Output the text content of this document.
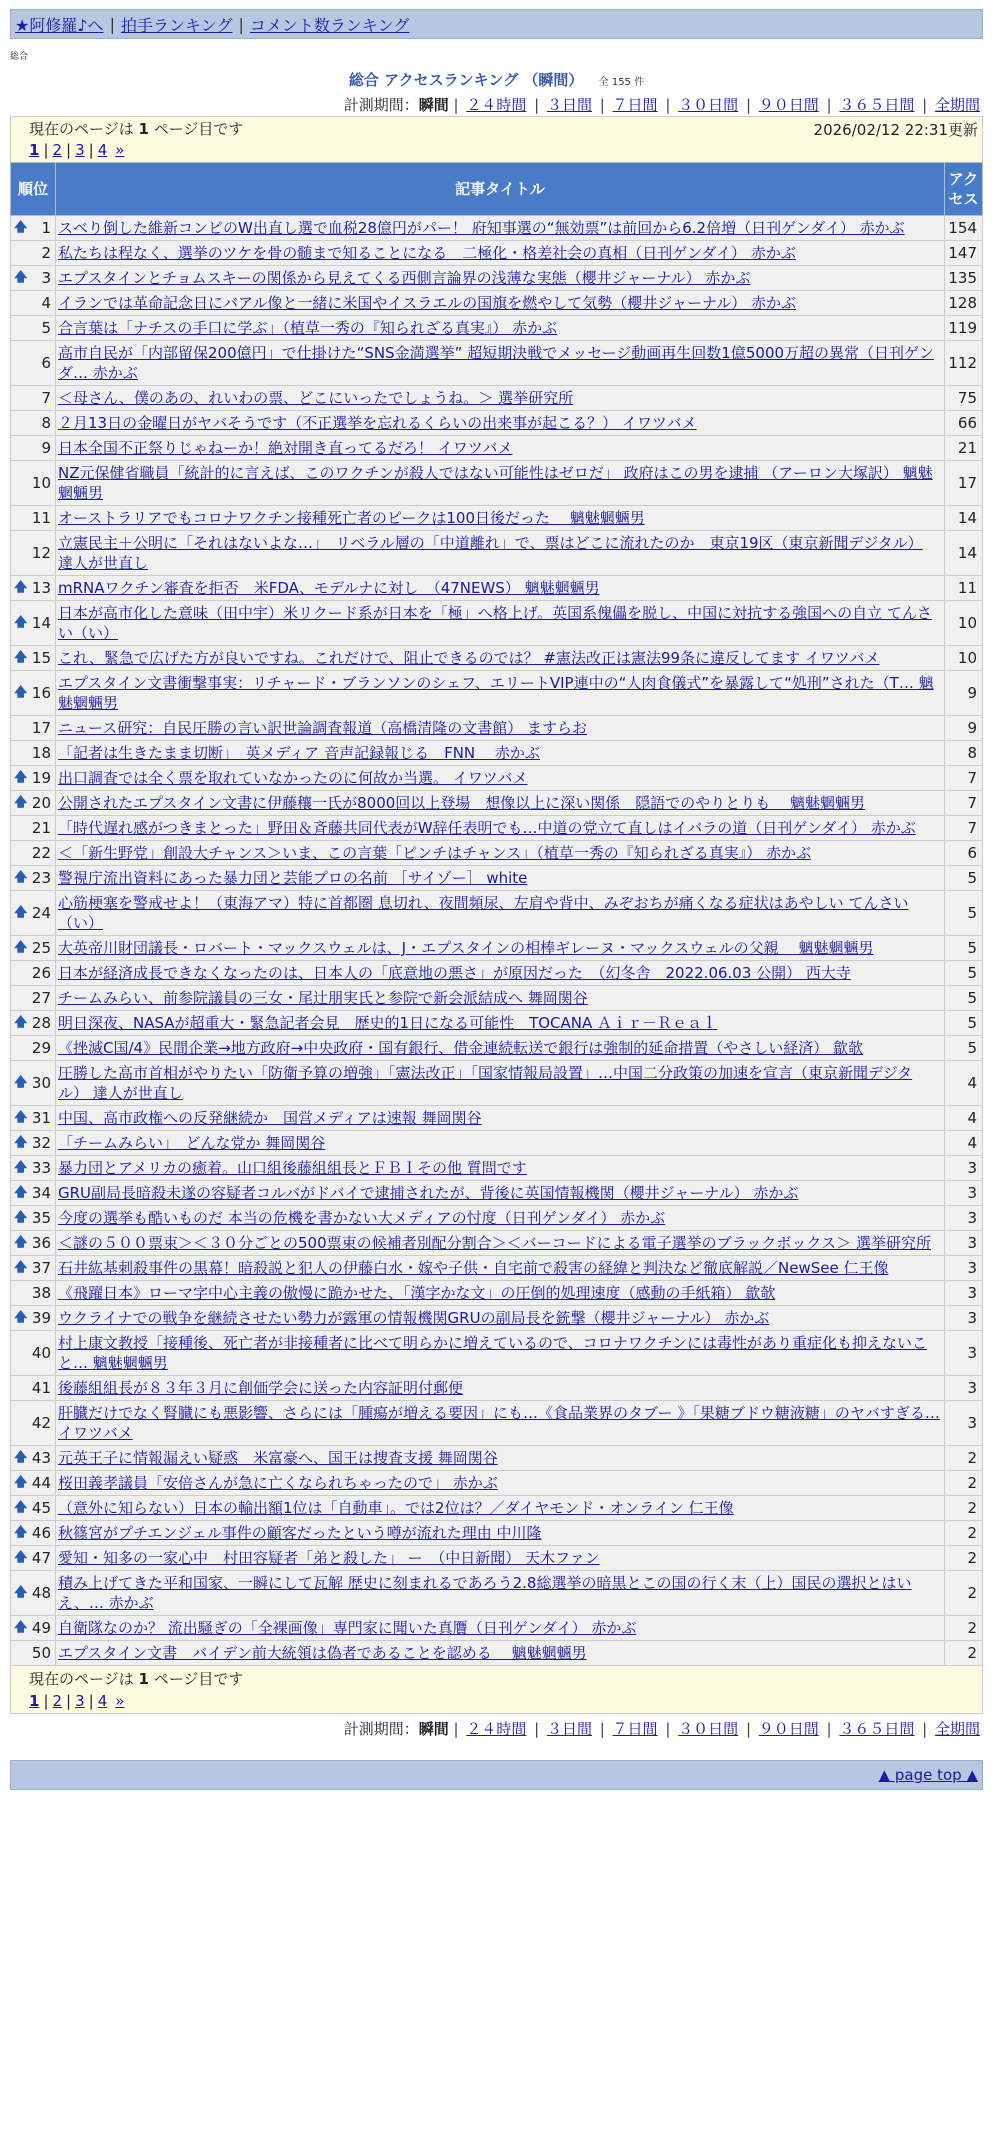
★阿修羅♪へ | 拍手ランキング | コメント数ランキング
総合
総合 アクセスランキング （瞬間） 全 155 件
計測期間：瞬間 | ２４時間 | ３日間 | ７日間 | ３０日間 | ９０日間 | ３６５日間 | 全期間
現在のページは 1 ページ目です	2026/02/12 22:31更新
1 | 2 | 3 | 4 »
順位	記事タイトル	アクセス

🡅 1	スベり倒した維新コンピのW出直し選で血税28億円がパー！ 府知事選の“無効票”は前回から6.2倍増（日刊ゲンダイ） 赤かぶ	154
2	私たちは程なく、選挙のツケを骨の髄まで知ることになる　二極化・格差社会の真相（日刊ゲンダイ） 赤かぶ	147

🡅 3	エプスタインとチョムスキーの関係から見えてくる西側言論界の浅薄な実態（櫻井ジャーナル） 赤かぶ	135
4	イランでは革命記念日にバアル像と一緒に米国やイスラエルの国旗を燃やして気勢（櫻井ジャーナル） 赤かぶ	128
5	合言葉は「ナチスの手口に学ぶ」（植草一秀の『知られざる真実』） 赤かぶ	119
6	高市自民が「内部留保200億円」で仕掛けた“SNS金満選挙” 超短期決戦でメッセージ動画再生回数1億5000万超の異常（日刊ゲンダ… 赤かぶ	112
7	＜母さん、僕のあの、れいわの票、どこにいったでしょうね。＞ 選挙研究所	75
8	２月13日の金曜日がヤバそうです（不正選挙を忘れるくらいの出来事が起こる？） イワツバメ	66
9	日本全国不正祭りじゃねーか！絶対開き直ってるだろ！ イワツバメ	21
10	NZ元保健省職員「統計的に言えば、このワクチンが殺人ではない可能性はゼロだ」 政府はこの男を逮捕 （アーロン大塚訳） 魑魅魍魎男	17
11	オーストラリアでもコロナワクチン接種死亡者のピークは100日後だった　 魑魅魍魎男	14
12	立憲民主＋公明に「それはないよな…」　リベラル層の「中道離れ」で、票はどこに流れたのか　東京19区（東京新聞デジタル） 達人が世直し	14

🡅 13	mRNAワクチン審査を拒否　米FDA、モデルナに対し　（47NEWS） 魑魅魍魎男	11

🡅 14	日本が高市化した意味（田中宇）米リクード系が日本を「極」へ格上げ。英国系傀儡を脱し、中国に対抗する強国への自立 てんさい（い）	10

🡅 15	これ、緊急で広げた方が良いですね。これだけで、阻止できるのでは？ #憲法改正は憲法99条に違反してます イワツバメ	10

🡅 16	エプスタイン文書衝撃事実：リチャード・ブランソンのシェフ、エリートVIP連中の“人肉食儀式”を暴露して“処刑”された（T… 魑魅魍魎男	9
17	ニュース研究：自民圧勝の言い訳世論調査報道（高橋清隆の文書館） ますらお	9
18	「記者は生きたまま切断」　英メディア 音声記録報じる　FNN　 赤かぶ	8

🡅 19	出口調査では全く票を取れていなかったのに何故か当選。 イワツバメ	7

🡅 20	公開されたエプスタイン文書に伊藤穰一氏が8000回以上登場　想像以上に深い関係　隠語でのやりとりも　 魑魅魍魎男	7
21	「時代遅れ感がつきまとった」野田＆斉藤共同代表がW辞任表明でも…中道の党立て直しはイバラの道（日刊ゲンダイ） 赤かぶ	7
22	＜「新生野党」創設大チャンス＞いま、この言葉「ピンチはチャンス」（植草一秀の『知られざる真実』） 赤かぶ	6

🡅 23	警視庁流出資料にあった暴力団と芸能プロの名前 ［サイゾー］ white	5

🡅 24	心筋梗塞を警戒せよ！（東海アマ）特に首都圏 息切れ、夜間頻尿、左肩や背中、みぞおちが痛くなる症状はあやしい てんさい（い）	5

🡅 25	大英帝川財団議長・ロバート・マックスウェルは、J・エプスタインの相棒ギレーヌ・マックスウェルの父親　 魑魅魍魎男	5
26	日本が経済成長できなくなったのは、日本人の「底意地の悪さ」が原因だった　（幻冬舎　2022.06.03 公開） 西大寺	5
27	チームみらい、前参院議員の三女・尾辻朋実氏と参院で新会派結成へ 舞岡関谷	5

🡅 28	明日深夜、NASAが超重大・緊急記者会見　歴史的1日になる可能性　TOCANA Ａｉｒ－Ｒｅａｌ	5
29	《挫滅C国/4》民間企業→地方政府→中央政府・国有銀行、借金連続転送で銀行は強制的延命措置（やさしい経済） 歙欹	5

🡅 30	圧勝した高市首相がやりたい「防衛予算の増強」「憲法改正」「国家情報局設置」…中国二分政策の加速を宣言（東京新聞デジタル） 達人が世直し	4

🡅 31	中国、高市政権への反発継続か　国営メディアは速報 舞岡関谷	4

🡅 32	「チームみらい」　どんな党か 舞岡関谷	4

🡅 33	暴力団とアメリカの癒着。山口組後藤組組長とＦＢＩその他 質問です	3

🡅 34	GRU副局長暗殺未遂の容疑者コルバがドバイで逮捕されたが、背後に英国情報機関（櫻井ジャーナル） 赤かぶ	3

🡅 35	今度の選挙も酷いものだ 本当の危機を書かない大メディアの忖度（日刊ゲンダイ） 赤かぶ	3

🡅 36	＜謎の５００票束＞＜３０分ごとの500票束の候補者別配分割合＞＜バーコードによる電子選挙のブラックボックス＞ 選挙研究所	3

🡅 37	石井紘基刺殺事件の黒幕！暗殺説と犯人の伊藤白水・嫁や子供・自宅前で殺害の経緯と判決など徹底解説／NewSee 仁王像	3
38	《飛躍日本》ローマ字中心主義の傲慢に跪かせた、「漢字かな文」の圧倒的処理速度（感動の手紙箱） 歙欹	3

🡅 39	ウクライナでの戦争を継続させたい勢力が露軍の情報機関GRUの副局長を銃撃（櫻井ジャーナル） 赤かぶ	3
40	村上康文教授「接種後、死亡者が非接種者に比べて明らかに増えているので、コロナワクチンには毒性があり重症化も抑えないこと… 魑魅魍魎男	3
41	後藤組組長が８３年３月に創価学会に送った内容証明付郵便	3
42	肝臓だけでなく腎臓にも悪影響、さらには「腫瘍が増える要因」にも…《食品業界のタブー 》「果糖ブドウ糖液糖」のヤバすぎる… イワツバメ	3

🡅 43	元英王子に情報漏えい疑惑　米富豪へ、国王は捜査支援 舞岡関谷	2

🡅 44	桜田義孝議員「安倍さんが急に亡くなられちゃったので」 赤かぶ	2

🡅 45	（意外に知らない）日本の輸出額1位は「自動車」。では2位は？／ダイヤモンド・オンライン 仁王像	2

🡅 46	秋篠宮がプチエンジェル事件の顧客だったという噂が流れた理由 中川隆	2

🡅 47	愛知・知多の一家心中　村田容疑者「弟と殺した」 ー　（中日新聞） 天木ファン	2

🡅 48	積み上げてきた平和国家、一瞬にして瓦解 歴史に刻まれるであろう2.8総選挙の暗黒とこの国の行く末（上）国民の選択とはいえ、… 赤かぶ	2

🡅 49	自衛隊なのか？ 流出騒ぎの「全裸画像」専門家に聞いた真贋（日刊ゲンダイ） 赤かぶ	2
50	エプスタイン文書　バイデン前大統領は偽者であることを認める　 魑魅魍魎男	2
現在のページは 1 ページ目です
1 | 2 | 3 | 4 »
計測期間：瞬間 | ２４時間 | ３日間 | ７日間 | ３０日間 | ９０日間 | ３６５日間 | 全期間
▲ page top ▲
